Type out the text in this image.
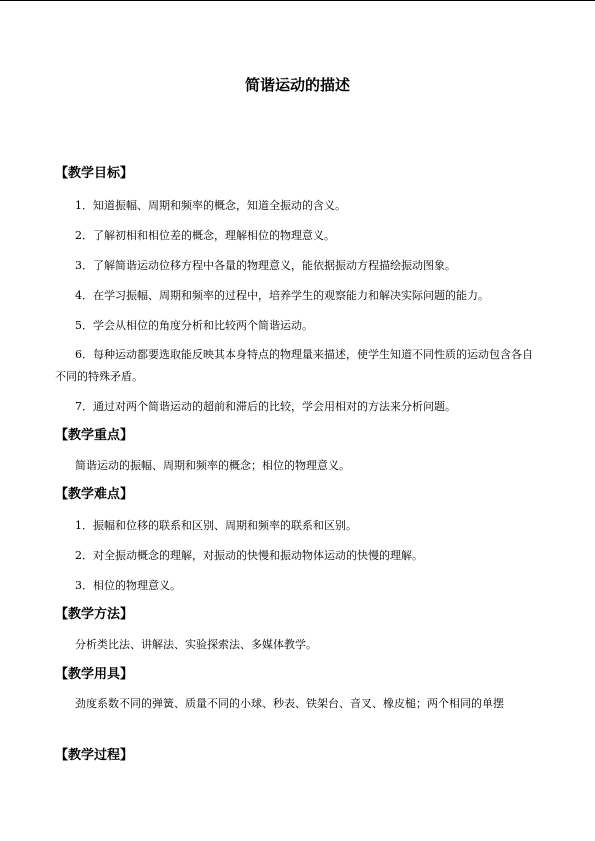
简谐运动的描述
【教学目标】

1．知道振幅、周期和频率的概念，知道全振动的含义。

2．了解初相和相位差的概念，理解相位的物理意义。

3．了解简谐运动位移方程中各量的物理意义，能依据振动方程描绘振动图象。

4．在学习振幅、周期和频率的过程中，培养学生的观察能力和解决实际问题的能力。

5．学会从相位的角度分析和比较两个简谐运动。

6．每种运动都要选取能反映其本身特点的物理量来描述，使学生知道不同性质的运动包含各自不同的特殊矛盾。

7．通过对两个简谐运动的超前和滞后的比较，学会用相对的方法来分析问题。

【教学重点】

简谐运动的振幅、周期和频率的概念；相位的物理意义。

【教学难点】

1．振幅和位移的联系和区别、周期和频率的联系和区别。

2．对全振动概念的理解，对振动的快慢和振动物体运动的快慢的理解。

3．相位的物理意义。

【教学方法】

分析类比法、讲解法、实验探索法、多媒体教学。

【教学用具】

劲度系数不同的弹簧、质量不同的小球、秒表、铁架台、音叉、橡皮槌；两个相同的单摆

【教学过程】
